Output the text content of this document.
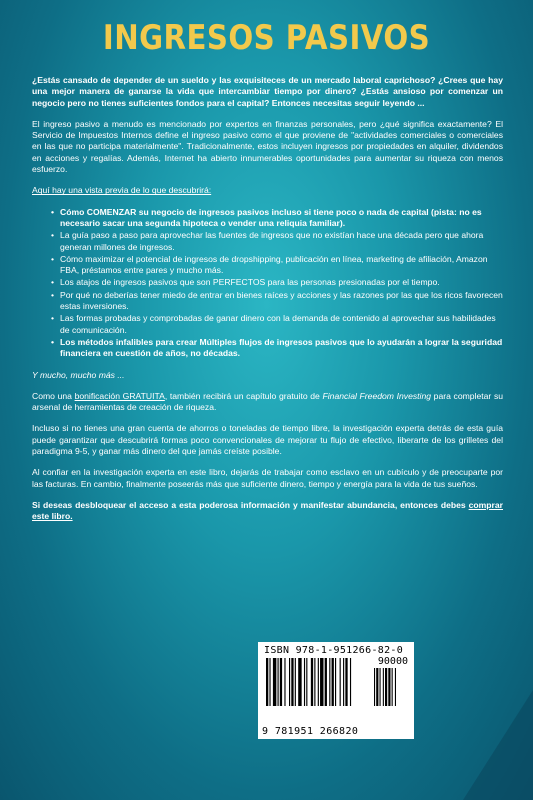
INGRESOS PASIVOS

¿Estás cansado de depender de un sueldo y las exquisiteces de un mercado laboral caprichoso? ¿Crees que hay una mejor manera de ganarse la vida que intercambiar tiempo por dinero? ¿Estás ansioso por comenzar un negocio pero no tienes suficientes fondos para el capital? Entonces necesitas seguir leyendo ...

El ingreso pasivo a menudo es mencionado por expertos en finanzas personales, pero ¿qué significa exactamente? El Servicio de Impuestos Internos define el ingreso pasivo como el que proviene de "actividades comerciales o comerciales en las que no participa materialmente". Tradicionalmente, estos incluyen ingresos por propiedades en alquiler, dividendos en acciones y regalías. Además, Internet ha abierto innumerables oportunidades para aumentar su riqueza con menos esfuerzo.

Aquí hay una vista previa de lo que descubrirá:

• Cómo COMENZAR su negocio de ingresos pasivos incluso si tiene poco o nada de capital (pista: no es necesario sacar una segunda hipoteca o vender una reliquia familiar).
• La guía paso a paso para aprovechar las fuentes de ingresos que no existían hace una década pero que ahora generan millones de ingresos.
• Cómo maximizar el potencial de ingresos de dropshipping, publicación en línea, marketing de afiliación, Amazon FBA, préstamos entre pares y mucho más.
• Los atajos de ingresos pasivos que son PERFECTOS para las personas presionadas por el tiempo.
• Por qué no deberías tener miedo de entrar en bienes raíces y acciones y las razones por las que los ricos favorecen estas inversiones.
• Las formas probadas y comprobadas de ganar dinero con la demanda de contenido al aprovechar sus habilidades de comunicación.
• Los métodos infalibles para crear Múltiples flujos de ingresos pasivos que lo ayudarán a lograr la seguridad financiera en cuestión de años, no décadas.

Y mucho, mucho más ...

Como una bonificación GRATUITA, también recibirá un capítulo gratuito de Financial Freedom Investing para completar su arsenal de herramientas de creación de riqueza.

Incluso si no tienes una gran cuenta de ahorros o toneladas de tiempo libre, la investigación experta detrás de esta guía puede garantizar que descubrirá formas poco convencionales de mejorar tu flujo de efectivo, liberarte de los grilletes del paradigma 9-5, y ganar más dinero del que jamás creíste posible.

Al confiar en la investigación experta en este libro, dejarás de trabajar como esclavo en un cubículo y de preocuparte por las facturas. En cambio, finalmente poseerás más que suficiente dinero, tiempo y energía para la vida de tus sueños.

Si deseas desbloquear el acceso a esta poderosa información y manifestar abundancia, entonces debes comprar este libro.

ISBN 978-1-951266-82-0
90000
9 781951 266820
